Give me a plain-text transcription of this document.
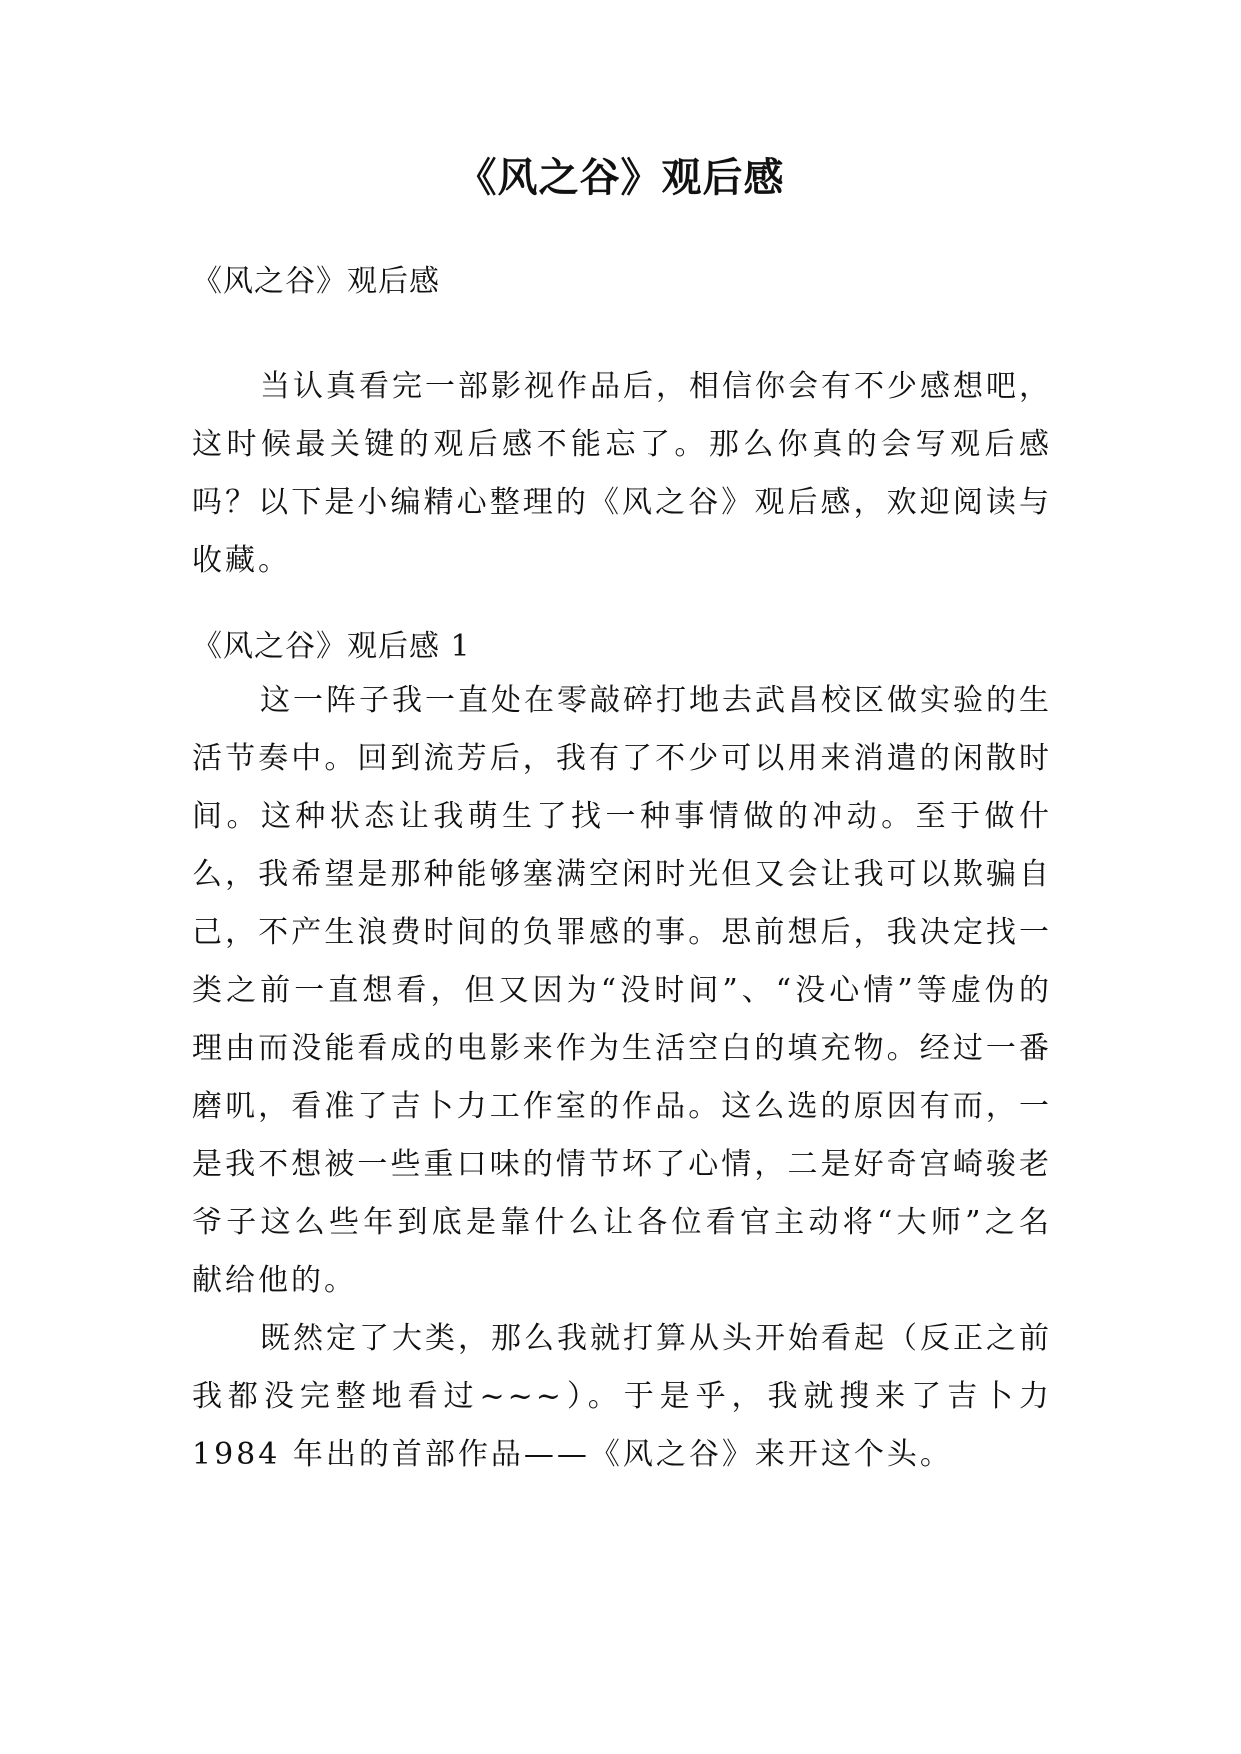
《风之谷》观后感
《风之谷》观后感

当认真看完一部影视作品后，相信你会有不少感想吧，这时候最关键的观后感不能忘了。那么你真的会写观后感吗？以下是小编精心整理的《风之谷》观后感，欢迎阅读与收藏。

《风之谷》观后感 1

这一阵子我一直处在零敲碎打地去武昌校区做实验的生活节奏中。回到流芳后，我有了不少可以用来消遣的闲散时间。这种状态让我萌生了找一种事情做的冲动。至于做什么，我希望是那种能够塞满空闲时光但又会让我可以欺骗自己，不产生浪费时间的负罪感的事。思前想后，我决定找一类之前一直想看，但又因为“没时间”、“没心情”等虚伪的理由而没能看成的电影来作为生活空白的填充物。经过一番磨叽，看准了吉卜力工作室的作品。这么选的原因有而，一是我不想被一些重口味的情节坏了心情，二是好奇宫崎骏老爷子这么些年到底是靠什么让各位看官主动将“大师”之名献给他的。

既然定了大类，那么我就打算从头开始看起（反正之前我都没完整地看过~~~）。于是乎，我就搜来了吉卜力 1984 年出的首部作品——《风之谷》来开这个头。
